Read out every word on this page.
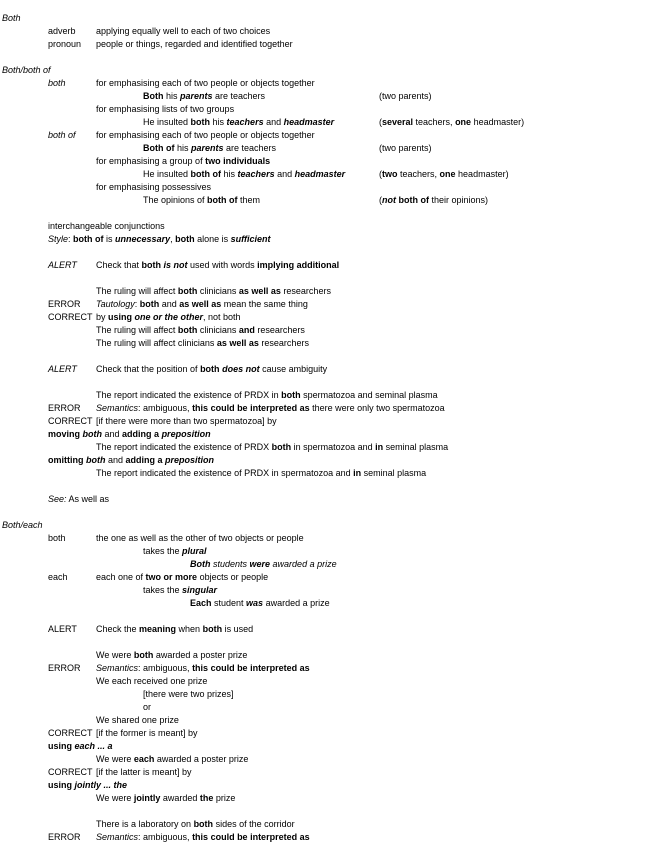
Both
adverb applying equally well to each of two choices
pronoun people or things, regarded and identified together
Both/both of
both	for emphasising each of two people or objects together
Both his parents are teachers	(two parents)
for emphasising lists of two groups
He insulted both his teachers and headmaster	(several teachers, one headmaster)
both of for emphasising each of two people or objects together
Both of his parents are teachers	(two parents)
for emphasising a group of two individuals
He insulted both of his teachers and headmaster	(two teachers, one headmaster)
for emphasising possessives
The opinions of both of them	(not both of their opinions)
interchangeable conjunctions
Style: both of is unnecessary, both alone is sufficient
ALERT Check that both is not used with words implying additional
The ruling will affect both clinicians as well as researchers
ERROR Tautology: both and as well as mean the same thing
CORRECT by using one or the other, not both
The ruling will affect both clinicians and researchers
The ruling will affect clinicians as well as researchers
ALERT Check that the position of both does not cause ambiguity
The report indicated the existence of PRDX in both spermatozoa and seminal plasma
ERROR Semantics: ambiguous, this could be interpreted as there were only two spermatozoa
CORRECT [if there were more than two spermatozoa] by
moving both and adding a preposition
The report indicated the existence of PRDX both in spermatozoa and in seminal plasma
omitting both and adding a preposition
The report indicated the existence of PRDX in spermatozoa and in seminal plasma
See: As well as
Both/each
both	the one as well as the other of two objects or people
takes the plural
Both students were awarded a prize
each	each one of two or more objects or people
takes the singular
Each student was awarded a prize
ALERT Check the meaning when both is used
We were both awarded a poster prize
ERROR Semantics: ambiguous, this could be interpreted as
We each received one prize
[there were two prizes]
or
We shared one prize
CORRECT [if the former is meant] by
using each ... a
We were each awarded a poster prize
CORRECT [if the latter is meant] by
using jointly ... the
We were jointly awarded the prize
There is a laboratory on both sides of the corridor
ERROR Semantics: ambiguous, this could be interpreted as
